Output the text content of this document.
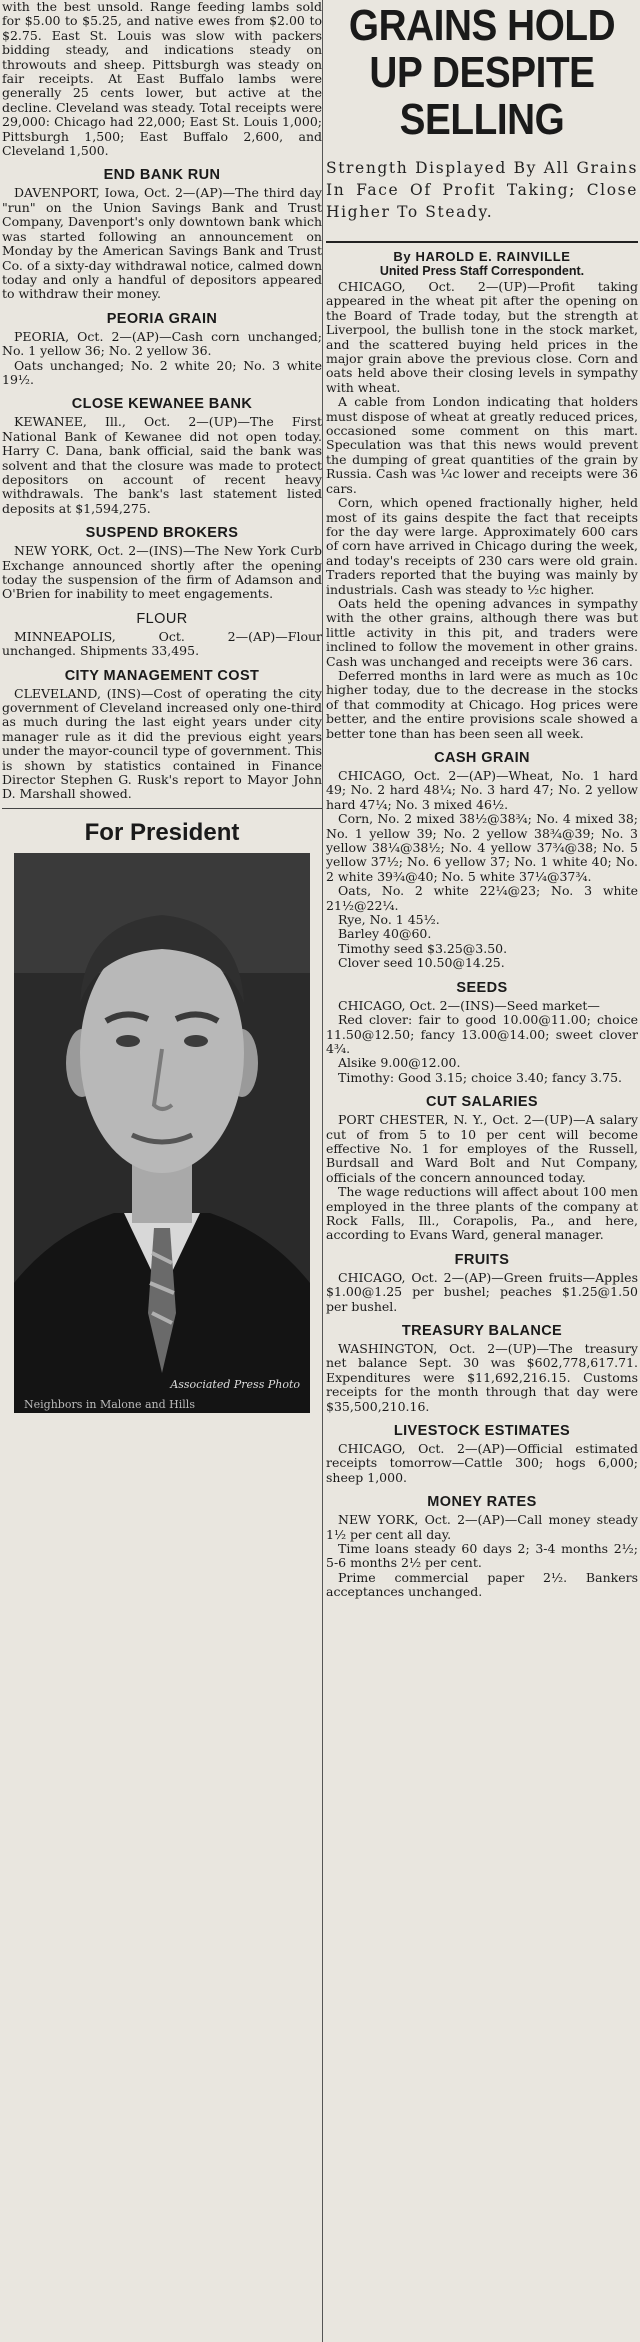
with the best unsold. Range feeding lambs sold for $5.00 to $5.25, and native ewes from $2.00 to $2.75. East St. Louis was slow with packers bidding steady, and indications steady on throwouts and sheep. Pittsburgh was steady on fair receipts. At East Buffalo lambs were generally 25 cents lower, but active at the decline. Cleveland was steady. Total receipts were 29,000: Chicago had 22,000; East St. Louis 1,000; Pittsburgh 1,500; East Buffalo 2,600, and Cleveland 1,500.

END BANK RUN

DAVENPORT, Iowa, Oct. 2—(AP)—The third day "run" on the Union Savings Bank and Trust Company, Davenport's only downtown bank which was started following an announcement on Monday by the American Savings Bank and Trust Co. of a sixty-day withdrawal notice, calmed down today and only a handful of depositors appeared to withdraw their money.

PEORIA GRAIN

PEORIA, Oct. 2—(AP)—Cash corn unchanged; No. 1 yellow 36; No. 2 yellow 36.

Oats unchanged; No. 2 white 20; No. 3 white 19½.

CLOSE KEWANEE BANK

KEWANEE, Ill., Oct. 2—(UP)—The First National Bank of Kewanee did not open today. Harry C. Dana, bank official, said the bank was solvent and that the closure was made to protect depositors on account of recent heavy withdrawals. The bank's last statement listed deposits at $1,594,275.

SUSPEND BROKERS

NEW YORK, Oct. 2—(INS)—The New York Curb Exchange announced shortly after the opening today the suspension of the firm of Adamson and O'Brien for inability to meet engagements.

FLOUR

MINNEAPOLIS, Oct. 2—(AP)—Flour unchanged. Shipments 33,495.

CITY MANAGEMENT COST

CLEVELAND, (INS)—Cost of operating the city government of Cleveland increased only one-third as much during the last eight years under city manager rule as it did the previous eight years under the mayor-council type of government. This is shown by statistics contained in Finance Director Stephen G. Rusk's report to Mayor John D. Marshall showed.

For President
Associated Press Photo
Neighbors in Malone and Hills
GRAINS HOLD UP DESPITE SELLING

Strength Displayed By All Grains In Face Of Profit Taking; Close Higher To Steady.

By HAROLD E. RAINVILLE

United Press Staff Correspondent.

CHICAGO, Oct. 2—(UP)—Profit taking appeared in the wheat pit after the opening on the Board of Trade today, but the strength at Liverpool, the bullish tone in the stock market, and the scattered buying held prices in the major grain above the previous close. Corn and oats held above their closing levels in sympathy with wheat.

A cable from London indicating that holders must dispose of wheat at greatly reduced prices, occasioned some comment on this mart. Speculation was that this news would prevent the dumping of great quantities of the grain by Russia. Cash was ¼c lower and receipts were 36 cars.

Corn, which opened fractionally higher, held most of its gains despite the fact that receipts for the day were large. Approximately 600 cars of corn have arrived in Chicago during the week, and today's receipts of 230 cars were old grain. Traders reported that the buying was mainly by industrials. Cash was steady to ½c higher.

Oats held the opening advances in sympathy with the other grains, although there was but little activity in this pit, and traders were inclined to follow the movement in other grains. Cash was unchanged and receipts were 36 cars.

Deferred months in lard were as much as 10c higher today, due to the decrease in the stocks of that commodity at Chicago. Hog prices were better, and the entire provisions scale showed a better tone than has been seen all week.

CASH GRAIN

CHICAGO, Oct. 2—(AP)—Wheat, No. 1 hard 49; No. 2 hard 48¼; No. 3 hard 47; No. 2 yellow hard 47¼; No. 3 mixed 46½.

Corn, No. 2 mixed 38½@38¾; No. 4 mixed 38; No. 1 yellow 39; No. 2 yellow 38¾@39; No. 3 yellow 38¼@38½; No. 4 yellow 37¾@38; No. 5 yellow 37½; No. 6 yellow 37; No. 1 white 40; No. 2 white 39¾@40; No. 5 white 37¼@37¾.

Oats, No. 2 white 22¼@23; No. 3 white 21½@22¼.

Rye, No. 1 45½.

Barley 40@60.

Timothy seed $3.25@3.50.

Clover seed 10.50@14.25.

SEEDS

CHICAGO, Oct. 2—(INS)—Seed market—

Red clover: fair to good 10.00@11.00; choice 11.50@12.50; fancy 13.00@14.00; sweet clover 4¾.

Alsike 9.00@12.00.

Timothy: Good 3.15; choice 3.40; fancy 3.75.

CUT SALARIES

PORT CHESTER, N. Y., Oct. 2—(UP)—A salary cut of from 5 to 10 per cent will become effective No. 1 for employes of the Russell, Burdsall and Ward Bolt and Nut Company, officials of the concern announced today.

The wage reductions will affect about 100 men employed in the three plants of the company at Rock Falls, Ill., Corapolis, Pa., and here, according to Evans Ward, general manager.

FRUITS

CHICAGO, Oct. 2—(AP)—Green fruits—Apples $1.00@1.25 per bushel; peaches $1.25@1.50 per bushel.

TREASURY BALANCE

WASHINGTON, Oct. 2—(UP)—The treasury net balance Sept. 30 was $602,778,617.71. Expenditures were $11,692,216.15. Customs receipts for the month through that day were $35,500,210.16.

LIVESTOCK ESTIMATES

CHICAGO, Oct. 2—(AP)—Official estimated receipts tomorrow—Cattle 300; hogs 6,000; sheep 1,000.

MONEY RATES

NEW YORK, Oct. 2—(AP)—Call money steady 1½ per cent all day.

Time loans steady 60 days 2; 3-4 months 2½; 5-6 months 2½ per cent.

Prime commercial paper 2½. Bankers acceptances unchanged.
